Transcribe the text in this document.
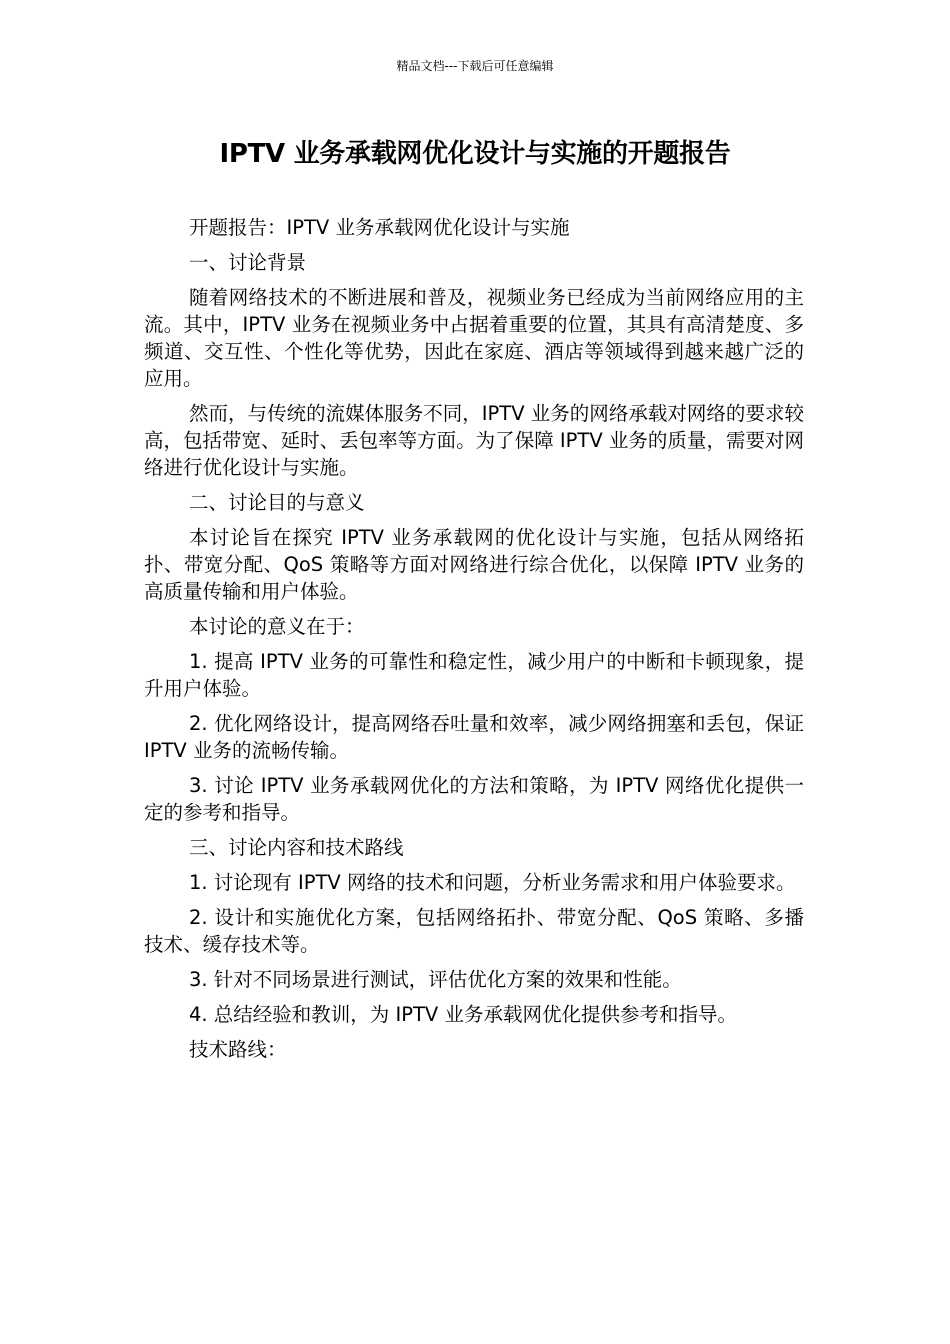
精品文档---下载后可任意编辑
IPTV 业务承载网优化设计与实施的开题报告

开题报告：IPTV 业务承载网优化设计与实施

一、讨论背景

随着网络技术的不断进展和普及，视频业务已经成为当前网络应用的主流。其中，IPTV 业务在视频业务中占据着重要的位置，其具有高清楚度、多频道、交互性、个性化等优势，因此在家庭、酒店等领域得到越来越广泛的应用。

然而，与传统的流媒体服务不同，IPTV 业务的网络承载对网络的要求较高，包括带宽、延时、丢包率等方面。为了保障 IPTV 业务的质量，需要对网络进行优化设计与实施。

二、讨论目的与意义

本讨论旨在探究 IPTV 业务承载网的优化设计与实施，包括从网络拓扑、带宽分配、QoS 策略等方面对网络进行综合优化，以保障 IPTV 业务的高质量传输和用户体验。

本讨论的意义在于：

1. 提高 IPTV 业务的可靠性和稳定性，减少用户的中断和卡顿现象，提升用户体验。

2. 优化网络设计，提高网络吞吐量和效率，减少网络拥塞和丢包，保证 IPTV 业务的流畅传输。

3. 讨论 IPTV 业务承载网优化的方法和策略，为 IPTV 网络优化提供一定的参考和指导。

三、讨论内容和技术路线

1. 讨论现有 IPTV 网络的技术和问题，分析业务需求和用户体验要求。

2. 设计和实施优化方案，包括网络拓扑、带宽分配、QoS 策略、多播技术、缓存技术等。

3. 针对不同场景进行测试，评估优化方案的效果和性能。

4. 总结经验和教训，为 IPTV 业务承载网优化提供参考和指导。

技术路线：
